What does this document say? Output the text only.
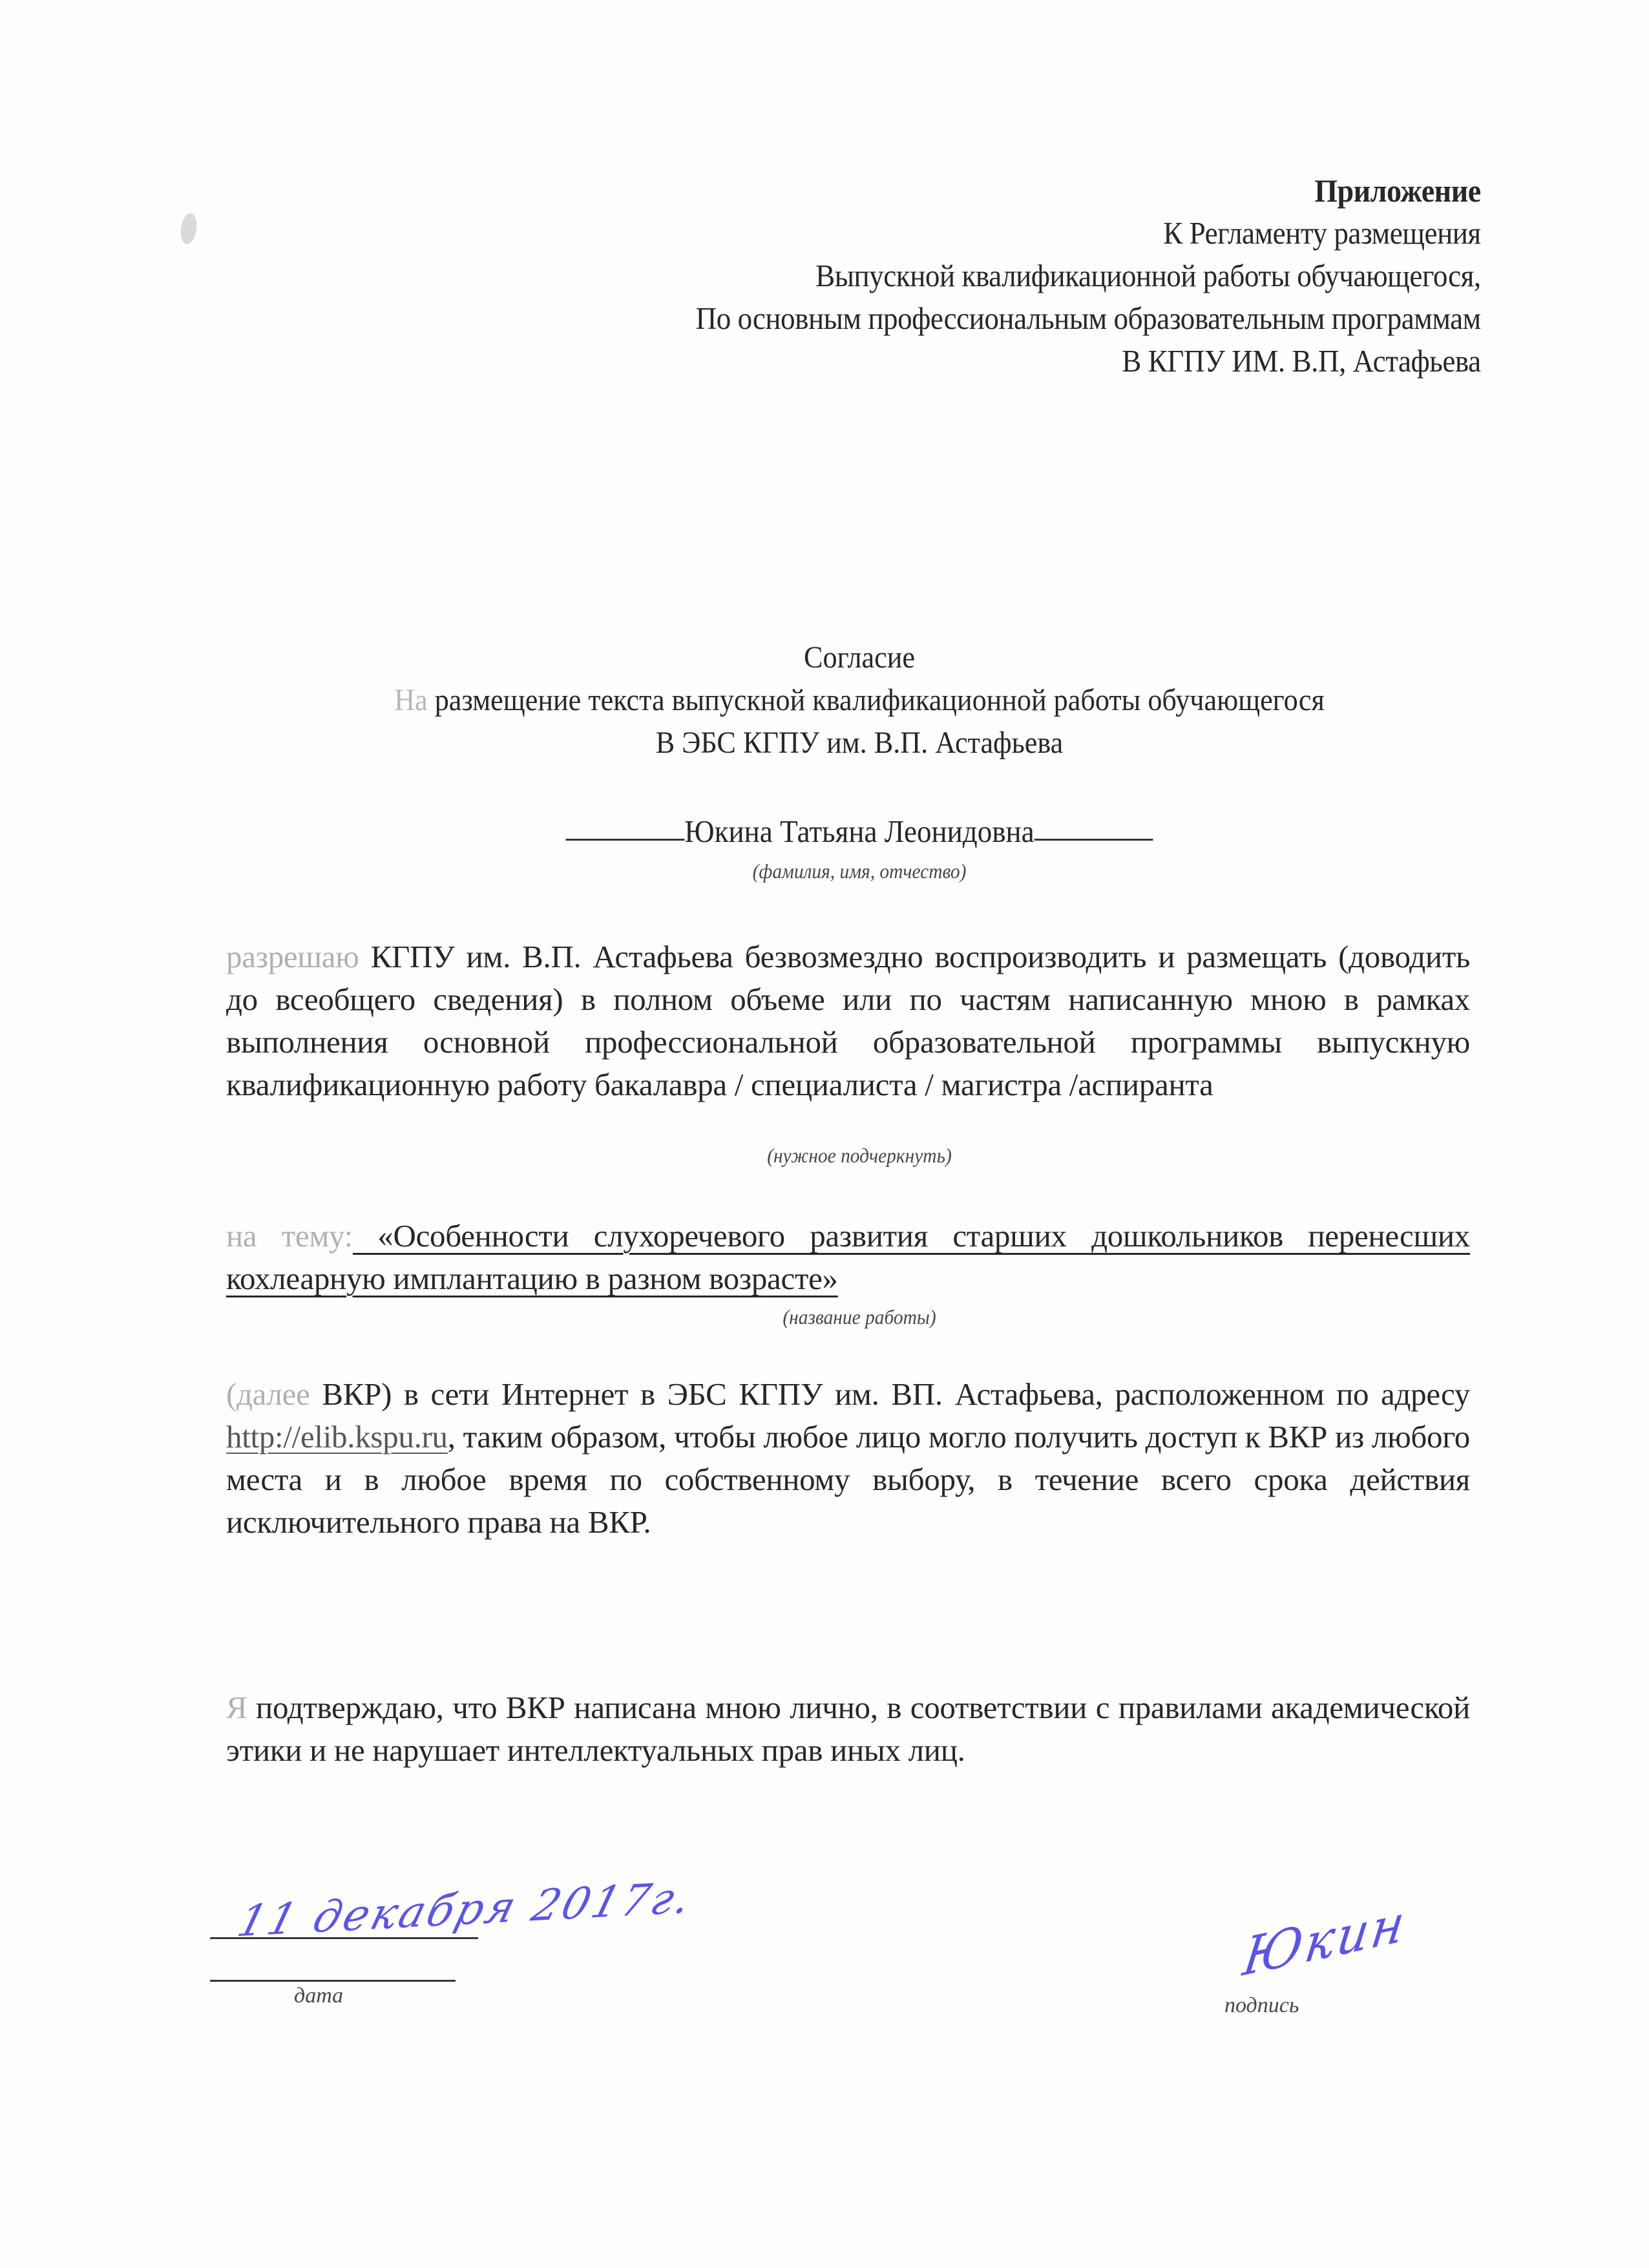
Приложение
К Регламенту размещения
Выпускной квалификационной работы обучающегося,
По основным профессиональным образовательным программам
В КГПУ ИМ. В.П, Астафьева
Согласие
На размещение текста выпускной квалификационной работы обучающегося
В ЭБС КГПУ им. В.П. Астафьева
Юкина Татьяна Леонидовна
(фамилия, имя, отчество)
разрешаю КГПУ им. В.П. Астафьева безвозмездно воспроизводить и размещать (доводить до всеобщего сведения) в полном объеме или по частям написанную мною в рамках выполнения основной профессиональной образовательной программы выпускную квалификационную работу бакалавра / специалиста / магистра /аспиранта
(нужное подчеркнуть)
на тему: «Особенности слухоречевого развития старших дошкольников перенесших кохлеарную имплантацию в разном возрасте»
(название работы)
(далее ВКР) в сети Интернет в ЭБС КГПУ им. ВП. Астафьева, расположенном по адресу http://elib.kspu.ru, таким образом, чтобы любое лицо могло получить доступ к ВКР из любого места и в любое время по собственному выбору, в течение всего срока действия исключительного права на ВКР.
Я подтверждаю, что ВКР написана мною лично, в соответствии с правилами академической этики и не нарушает интеллектуальных прав иных лиц.
11 декабря 2017г.
дата
Юкин
подпись
